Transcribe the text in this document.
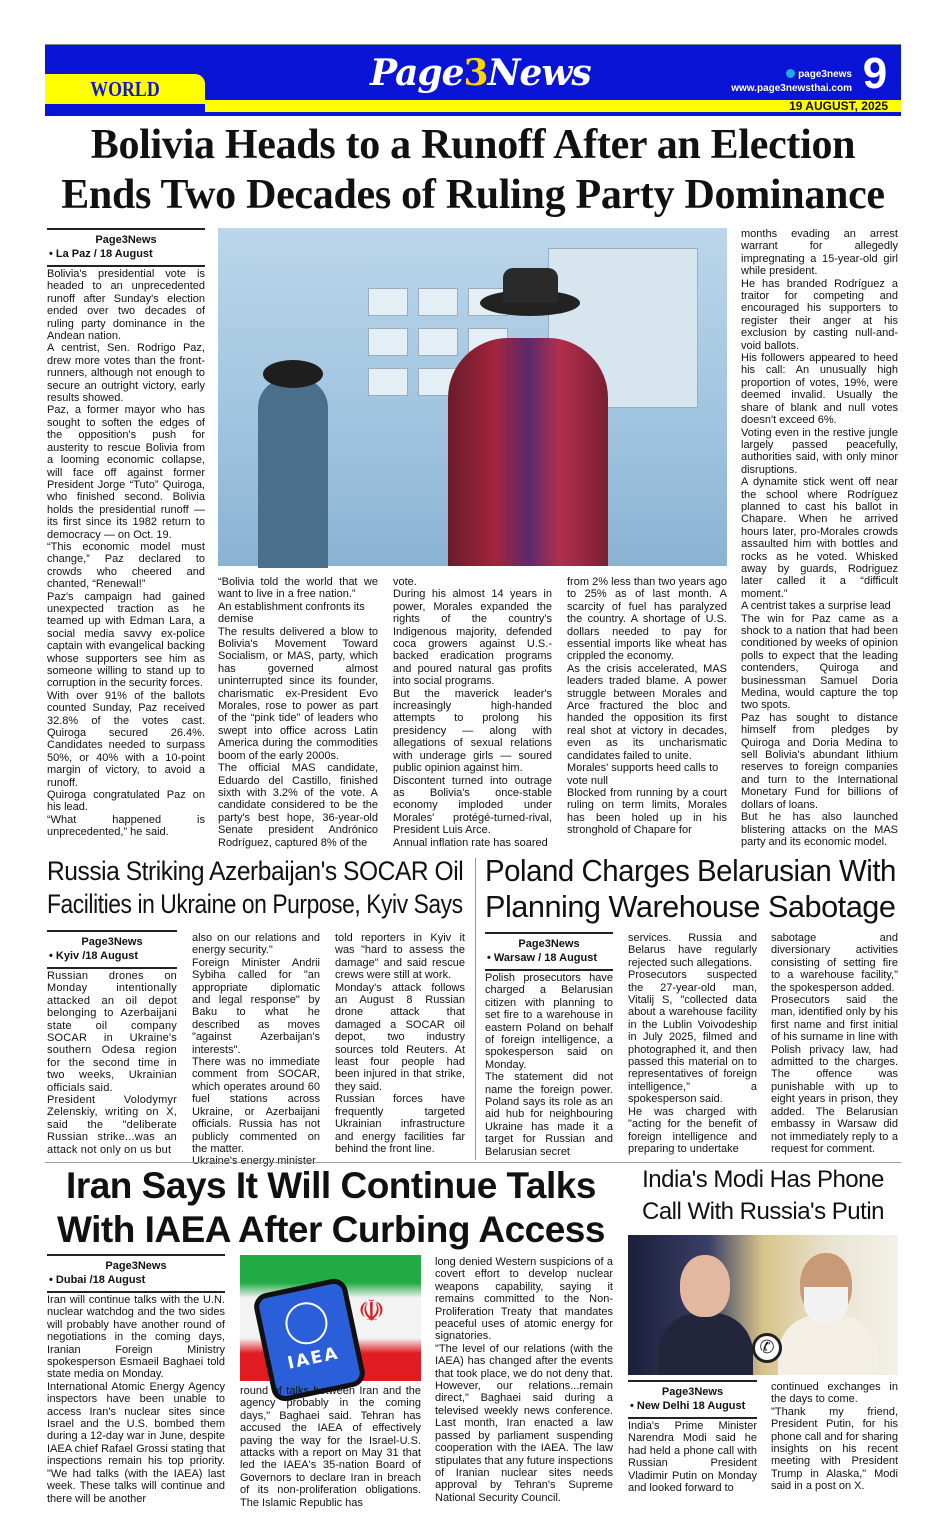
WORLD	Page3News	page3news
www.page3newsthai.com 9
19 AUGUST, 2025
Bolivia Heads to a Runoff After an Election
Ends Two Decades of Ruling Party Dominance
Page3News
• La Paz / 18 August

Bolivia's presidential vote is headed to an unprecedented runoff after Sunday's election ended over two decades of ruling party dominance in the Andean nation.

A centrist, Sen. Rodrigo Paz, drew more votes than the front-runners, although not enough to secure an outright victory, early results showed.

Paz, a former mayor who has sought to soften the edges of the opposition's push for austerity to rescue Bolivia from a looming economic collapse, will face off against former President Jorge “Tuto” Quiroga, who finished second. Bolivia holds the presidential runoff — its first since its 1982 return to democracy — on Oct. 19.

“This economic model must change,” Paz declared to crowds who cheered and chanted, “Renewal!”

Paz's campaign had gained unexpected traction as he teamed up with Edman Lara, a social media savvy ex-police captain with evangelical backing whose supporters see him as someone willing to stand up to corruption in the security forces.

With over 91% of the ballots counted Sunday, Paz received 32.8% of the votes cast. Quiroga secured 26.4%. Candidates needed to surpass 50%, or 40% with a 10-point margin of victory, to avoid a runoff.

Quiroga congratulated Paz on his lead.

“What happened is unprecedented,” he said.

“Bolivia told the world that we want to live in a free nation.”

An establishment confronts its demise

The results delivered a blow to Bolivia's Movement Toward Socialism, or MAS, party, which has governed almost uninterrupted since its founder, charismatic ex-President Evo Morales, rose to power as part of the “pink tide” of leaders who swept into office across Latin America during the commodities boom of the early 2000s.

The official MAS candidate, Eduardo del Castillo, finished sixth with 3.2% of the vote. A candidate considered to be the party's best hope, 36-year-old Senate president Andrónico Rodríguez, captured 8% of the

vote.

During his almost 14 years in power, Morales expanded the rights of the country's Indigenous majority, defended coca growers against U.S.-backed eradication programs and poured natural gas profits into social programs.

But the maverick leader's increasingly high-handed attempts to prolong his presidency — along with allegations of sexual relations with underage girls — soured public opinion against him.

Discontent turned into outrage as Bolivia's once-stable economy imploded under Morales' protégé-turned-rival, President Luis Arce.

Annual inflation rate has soared

from 2% less than two years ago to 25% as of last month. A scarcity of fuel has paralyzed the country. A shortage of U.S. dollars needed to pay for essential imports like wheat has crippled the economy.

As the crisis accelerated, MAS leaders traded blame. A power struggle between Morales and Arce fractured the bloc and handed the opposition its first real shot at victory in decades, even as its uncharismatic candidates failed to unite.

Morales' supports heed calls to vote null

Blocked from running by a court ruling on term limits, Morales has been holed up in his stronghold of Chapare for

months evading an arrest warrant for allegedly impregnating a 15-year-old girl while president.

He has branded Rodríguez a traitor for competing and encouraged his supporters to register their anger at his exclusion by casting null-and-void ballots.

His followers appeared to heed his call: An unusually high proportion of votes, 19%, were deemed invalid. Usually the share of blank and null votes doesn't exceed 6%.

Voting even in the restive jungle largely passed peacefully, authorities said, with only minor disruptions.

A dynamite stick went off near the school where Rodríguez planned to cast his ballot in Chapare. When he arrived hours later, pro-Morales crowds assaulted him with bottles and rocks as he voted. Whisked away by guards, Rodriguez later called it a “difficult moment.”

A centrist takes a surprise lead

The win for Paz came as a shock to a nation that had been conditioned by weeks of opinion polls to expect that the leading contenders, Quiroga and businessman Samuel Doria Medina, would capture the top two spots.

Paz has sought to distance himself from pledges by Quiroga and Doria Medina to sell Bolivia's abundant lithium reserves to foreign companies and turn to the International Monetary Fund for billions of dollars of loans.

But he has also launched blistering attacks on the MAS party and its economic model.

Russia Striking Azerbaijan's SOCAR Oil
Facilities in Ukraine on Purpose, Kyiv Says
Page3News
• Kyiv /18 August

Russian drones on Monday intentionally attacked an oil depot belonging to Azerbaijani state oil company SOCAR in Ukraine's southern Odesa region for the second time in two weeks, Ukrainian officials said.

President Volodymyr Zelenskiy, writing on X, said the "deliberate Russian strike...was an attack not only on us but

also on our relations and energy security."

Foreign Minister Andrii Sybiha called for "an appropriate diplomatic and legal response" by Baku to what he described as moves "against Azerbaijan's interests".

There was no immediate comment from SOCAR, which operates around 60 fuel stations across Ukraine, or Azerbaijani officials. Russia has not publicly commented on the matter.

told reporters in Kyiv it was "hard to assess the damage" and said rescue crews were still at work.

Monday's attack follows an August 8 Russian drone attack that damaged a SOCAR oil depot, two industry sources told Reuters. At least four people had been injured in that strike, they said.

Russian forces have frequently targeted Ukrainian infrastructure and energy facilities far behind the front line.

Poland Charges Belarusian With
Planning Warehouse Sabotage
Page3News
• Warsaw / 18 August

Polish prosecutors have charged a Belarusian citizen with planning to set fire to a warehouse in eastern Poland on behalf of foreign intelligence, a spokesperson said on Monday.

The statement did not name the foreign power. Poland says its role as an aid hub for neighbouring Ukraine has made it a target for Russian and Belarusian secret

services. Russia and Belarus have regularly rejected such allegations.

Prosecutors suspected the 27-year-old man, Vitalij S, "collected data about a warehouse facility in the Lublin Voivodeship in July 2025, filmed and photographed it, and then passed this material on to representatives of foreign intelligence," a spokesperson said.

He was charged with "acting for the benefit of foreign intelligence and preparing to undertake

sabotage and diversionary activities consisting of setting fire to a warehouse facility," the spokesperson added.

Prosecutors said the man, identified only by his first name and first initial of his surname in line with Polish privacy law, had admitted to the charges. The offence was punishable with up to eight years in prison, they added. The Belarusian embassy in Warsaw did not immediately reply to a request for comment.

Iran Says It Will Continue Talks
With IAEA After Curbing Access
Page3News
• Dubai /18 August

Iran will continue talks with the U.N. nuclear watchdog and the two sides will probably have another round of negotiations in the coming days, Iranian Foreign Ministry spokesperson Esmaeil Baghaei told state media on Monday.

International Atomic Energy Agency inspectors have been unable to access Iran's nuclear sites since Israel and the U.S. bombed them during a 12-day war in June, despite IAEA chief Rafael Grossi stating that inspections remain his top priority. "We had talks (with the IAEA) last week. These talks will continue and there will be another

☫
IAEA

round of talks between Iran and the agency probably in the coming days," Baghaei said. Tehran has accused the IAEA of effectively paving the way for the Israel-U.S. attacks with a report on May 31 that led the IAEA's 35-nation Board of Governors to declare Iran in breach of its non-proliferation obligations. The Islamic Republic has

long denied Western suspicions of a covert effort to develop nuclear weapons capability, saying it remains committed to the Non-Proliferation Treaty that mandates peaceful uses of atomic energy for signatories.

"The level of our relations (with the IAEA) has changed after the events that took place, we do not deny that. However, our relations...remain direct," Baghaei said during a televised weekly news conference. Last month, Iran enacted a law passed by parliament suspending cooperation with the IAEA. The law stipulates that any future inspections of Iranian nuclear sites needs approval by Tehran's Supreme National Security Council.

India's Modi Has Phone
Call With Russia's Putin
✆
Page3News
• New Delhi 18 August

India's Prime Minister Narendra Modi said he had held a phone call with Russian President Vladimir Putin on Monday and looked forward to

continued exchanges in the days to come.

"Thank my friend, President Putin, for his phone call and for sharing insights on his recent meeting with President Trump in Alaska," Modi said in a post on X.
